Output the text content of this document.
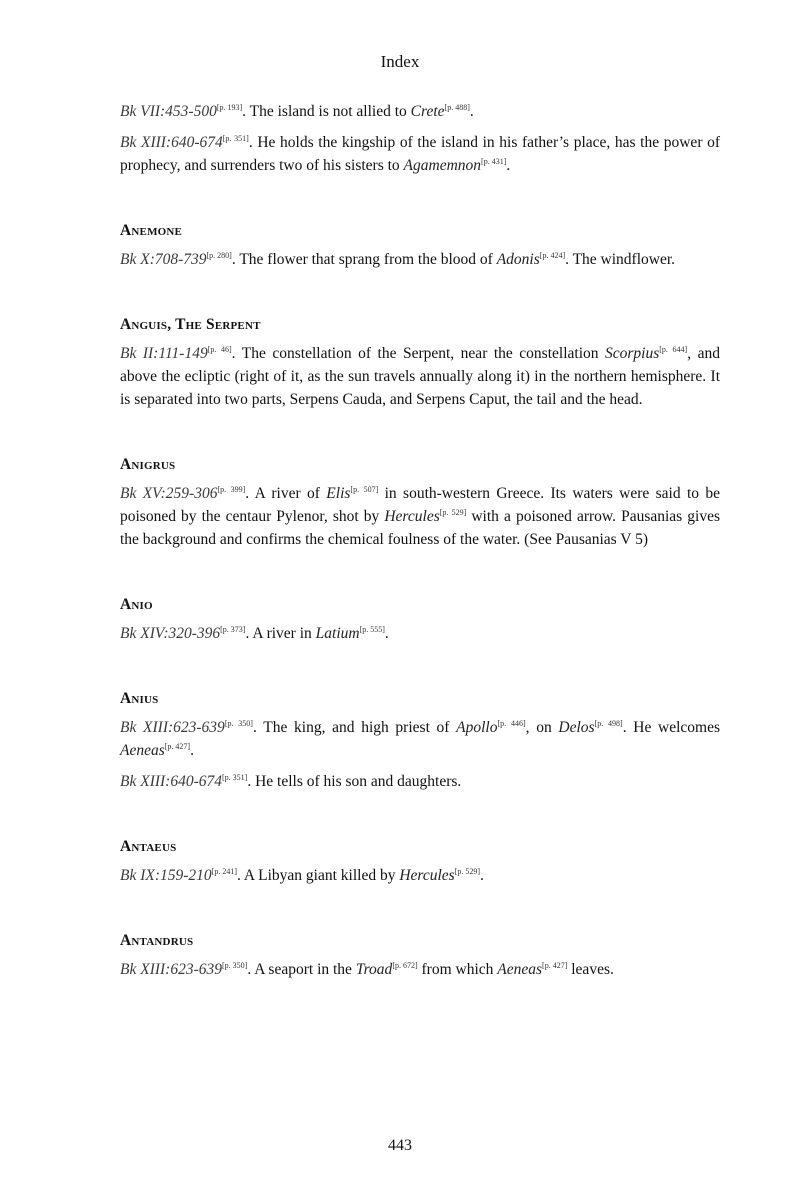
Index

Bk VII:453-500[p. 193]. The island is not allied to Crete[p. 488].

Bk XIII:640-674[p. 351]. He holds the kingship of the island in his father’s place, has the power of prophecy, and surrenders two of his sisters to Agamemnon[p. 431].

Anemone

Bk X:708-739[p. 280]. The flower that sprang from the blood of Adonis[p. 424]. The windflower.

Anguis, The Serpent

Bk II:111-149[p. 46]. The constellation of the Serpent, near the constellation Scorpius[p. 644], and above the ecliptic (right of it, as the sun travels annually along it) in the northern hemisphere. It is separated into two parts, Serpens Cauda, and Serpens Caput, the tail and the head.

Anigrus

Bk XV:259-306[p. 399]. A river of Elis[p. 507] in south-western Greece. Its waters were said to be poisoned by the centaur Pylenor, shot by Hercules[p. 529] with a poisoned arrow. Pausanias gives the background and confirms the chemical foulness of the water. (See Pausanias V 5)

Anio

Bk XIV:320-396[p. 373]. A river in Latium[p. 555].

Anius

Bk XIII:623-639[p. 350]. The king, and high priest of Apollo[p. 446], on Delos[p. 498]. He welcomes Aeneas[p. 427].

Bk XIII:640-674[p. 351]. He tells of his son and daughters.

Antaeus

Bk IX:159-210[p. 241]. A Libyan giant killed by Hercules[p. 529].

Antandrus

Bk XIII:623-639[p. 350]. A seaport in the Troad[p. 672] from which Aeneas[p. 427] leaves.

443
